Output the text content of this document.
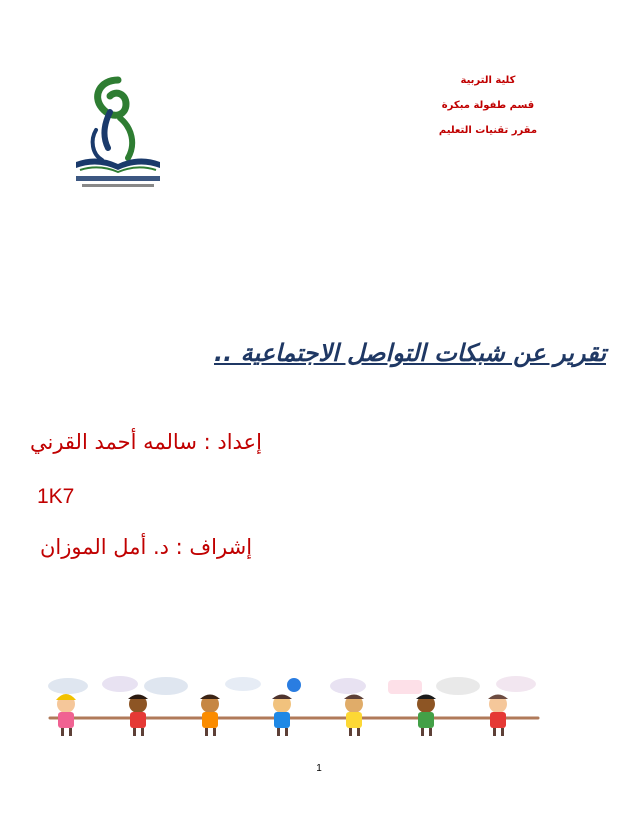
كلية التربية
قسم طفولة مبكرة
مقرر تقنيات التعليم
تقرير عن شبكات التواصل الاجتماعية ..
إعداد : سالمه أحمد القرني
1K7
إشراف : د. أمل الموزان
1
